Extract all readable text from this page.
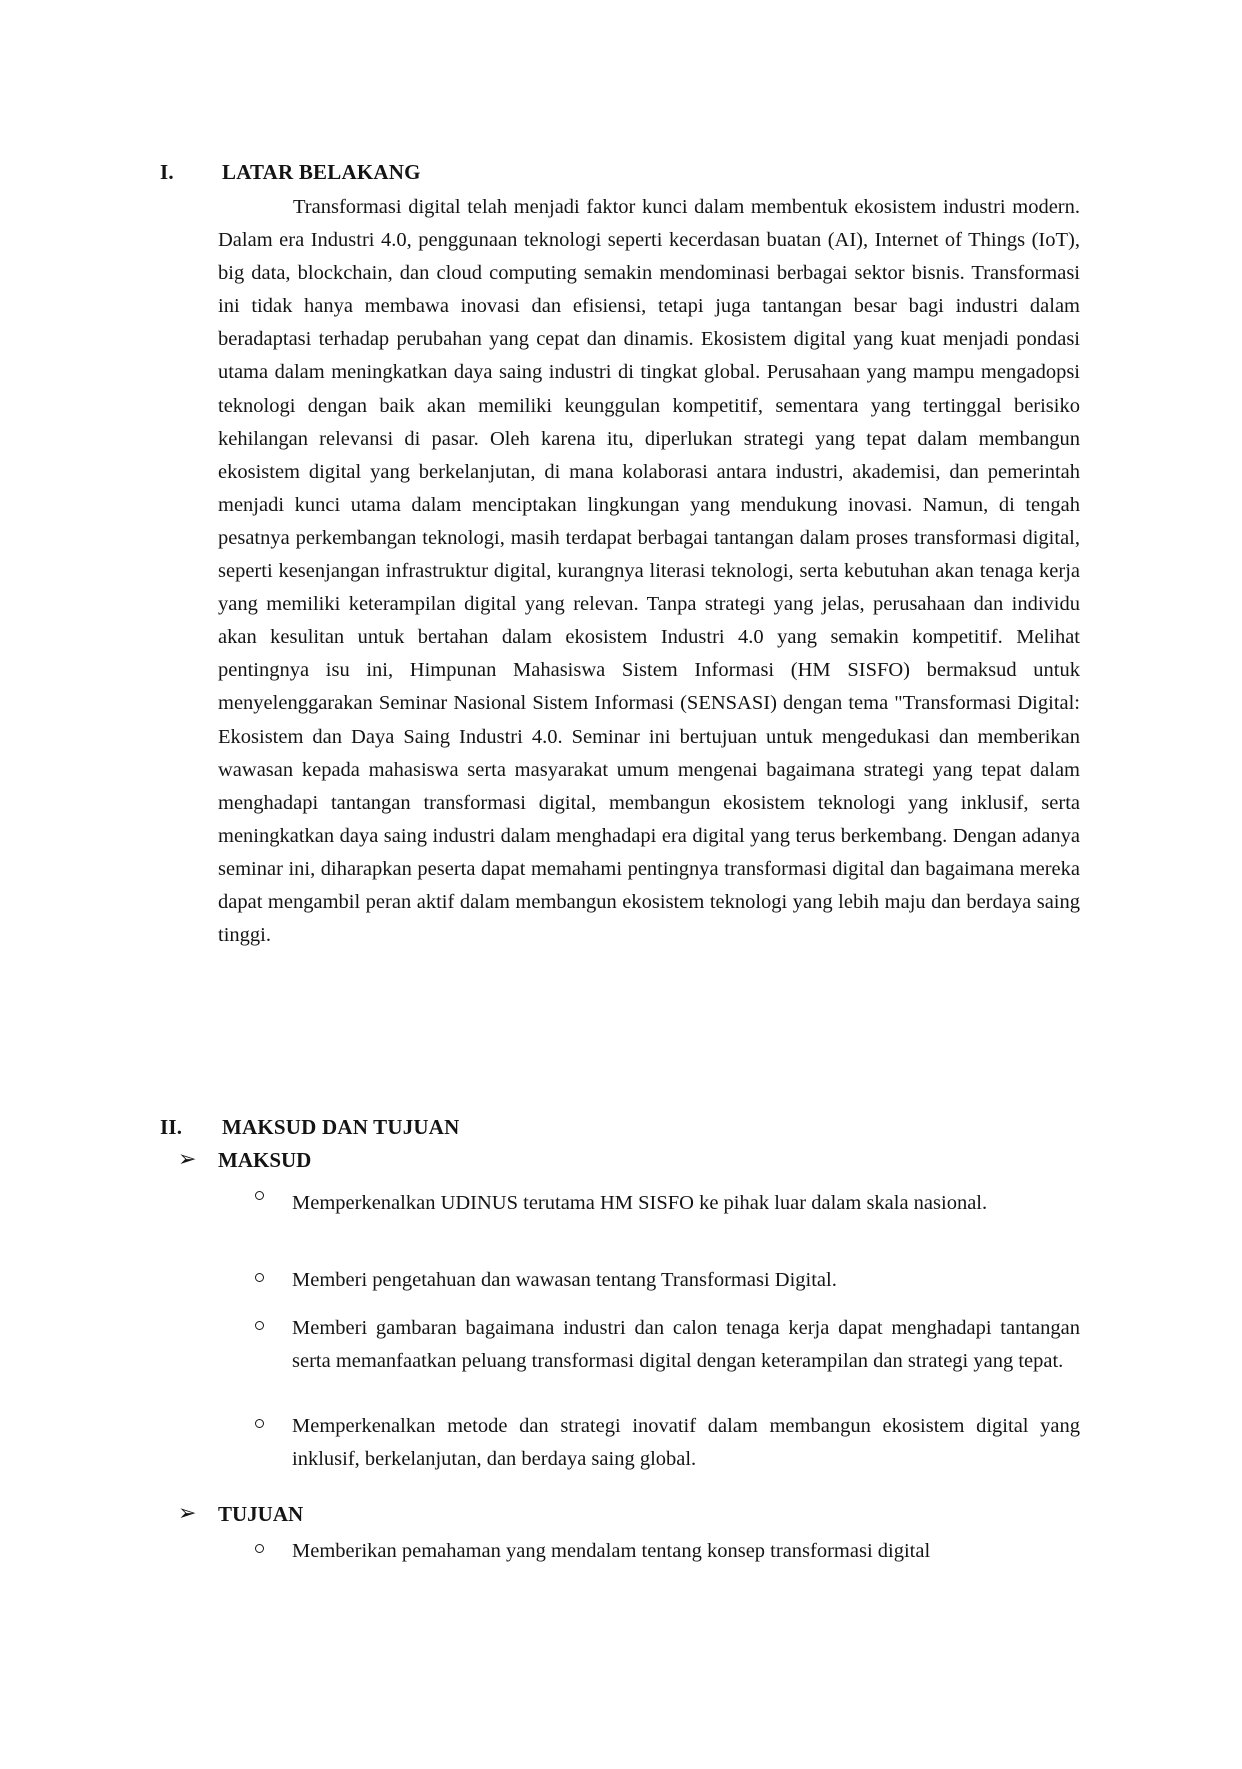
I. LATAR BELAKANG

Transformasi digital telah menjadi faktor kunci dalam membentuk ekosistem industri modern. Dalam era Industri 4.0, penggunaan teknologi seperti kecerdasan buatan (AI), Internet of Things (IoT), big data, blockchain, dan cloud computing semakin mendominasi berbagai sektor bisnis. Transformasi ini tidak hanya membawa inovasi dan efisiensi, tetapi juga tantangan besar bagi industri dalam beradaptasi terhadap perubahan yang cepat dan dinamis. Ekosistem digital yang kuat menjadi pondasi utama dalam meningkatkan daya saing industri di tingkat global. Perusahaan yang mampu mengadopsi teknologi dengan baik akan memiliki keunggulan kompetitif, sementara yang tertinggal berisiko kehilangan relevansi di pasar. Oleh karena itu, diperlukan strategi yang tepat dalam membangun ekosistem digital yang berkelanjutan, di mana kolaborasi antara industri, akademisi, dan pemerintah menjadi kunci utama dalam menciptakan lingkungan yang mendukung inovasi. Namun, di tengah pesatnya perkembangan teknologi, masih terdapat berbagai tantangan dalam proses transformasi digital, seperti kesenjangan infrastruktur digital, kurangnya literasi teknologi, serta kebutuhan akan tenaga kerja yang memiliki keterampilan digital yang relevan. Tanpa strategi yang jelas, perusahaan dan individu akan kesulitan untuk bertahan dalam ekosistem Industri 4.0 yang semakin kompetitif. Melihat pentingnya isu ini, Himpunan Mahasiswa Sistem Informasi (HM SISFO) bermaksud untuk menyelenggarakan Seminar Nasional Sistem Informasi (SENSASI) dengan tema "Transformasi Digital: Ekosistem dan Daya Saing Industri 4.0. Seminar ini bertujuan untuk mengedukasi dan memberikan wawasan kepada mahasiswa serta masyarakat umum mengenai bagaimana strategi yang tepat dalam menghadapi tantangan transformasi digital, membangun ekosistem teknologi yang inklusif, serta meningkatkan daya saing industri dalam menghadapi era digital yang terus berkembang. Dengan adanya seminar ini, diharapkan peserta dapat memahami pentingnya transformasi digital dan bagaimana mereka dapat mengambil peran aktif dalam membangun ekosistem teknologi yang lebih maju dan berdaya saing tinggi.

II. MAKSUD DAN TUJUAN
➢ MAKSUD

Memperkenalkan UDINUS terutama HM SISFO ke pihak luar dalam skala nasional.

Memberi pengetahuan dan wawasan tentang Transformasi Digital.

Memberi gambaran bagaimana industri dan calon tenaga kerja dapat menghadapi tantangan serta memanfaatkan peluang transformasi digital dengan keterampilan dan strategi yang tepat.

Memperkenalkan metode dan strategi inovatif dalam membangun ekosistem digital yang inklusif, berkelanjutan, dan berdaya saing global.

➢ TUJUAN

Memberikan pemahaman yang mendalam tentang konsep transformasi digital
